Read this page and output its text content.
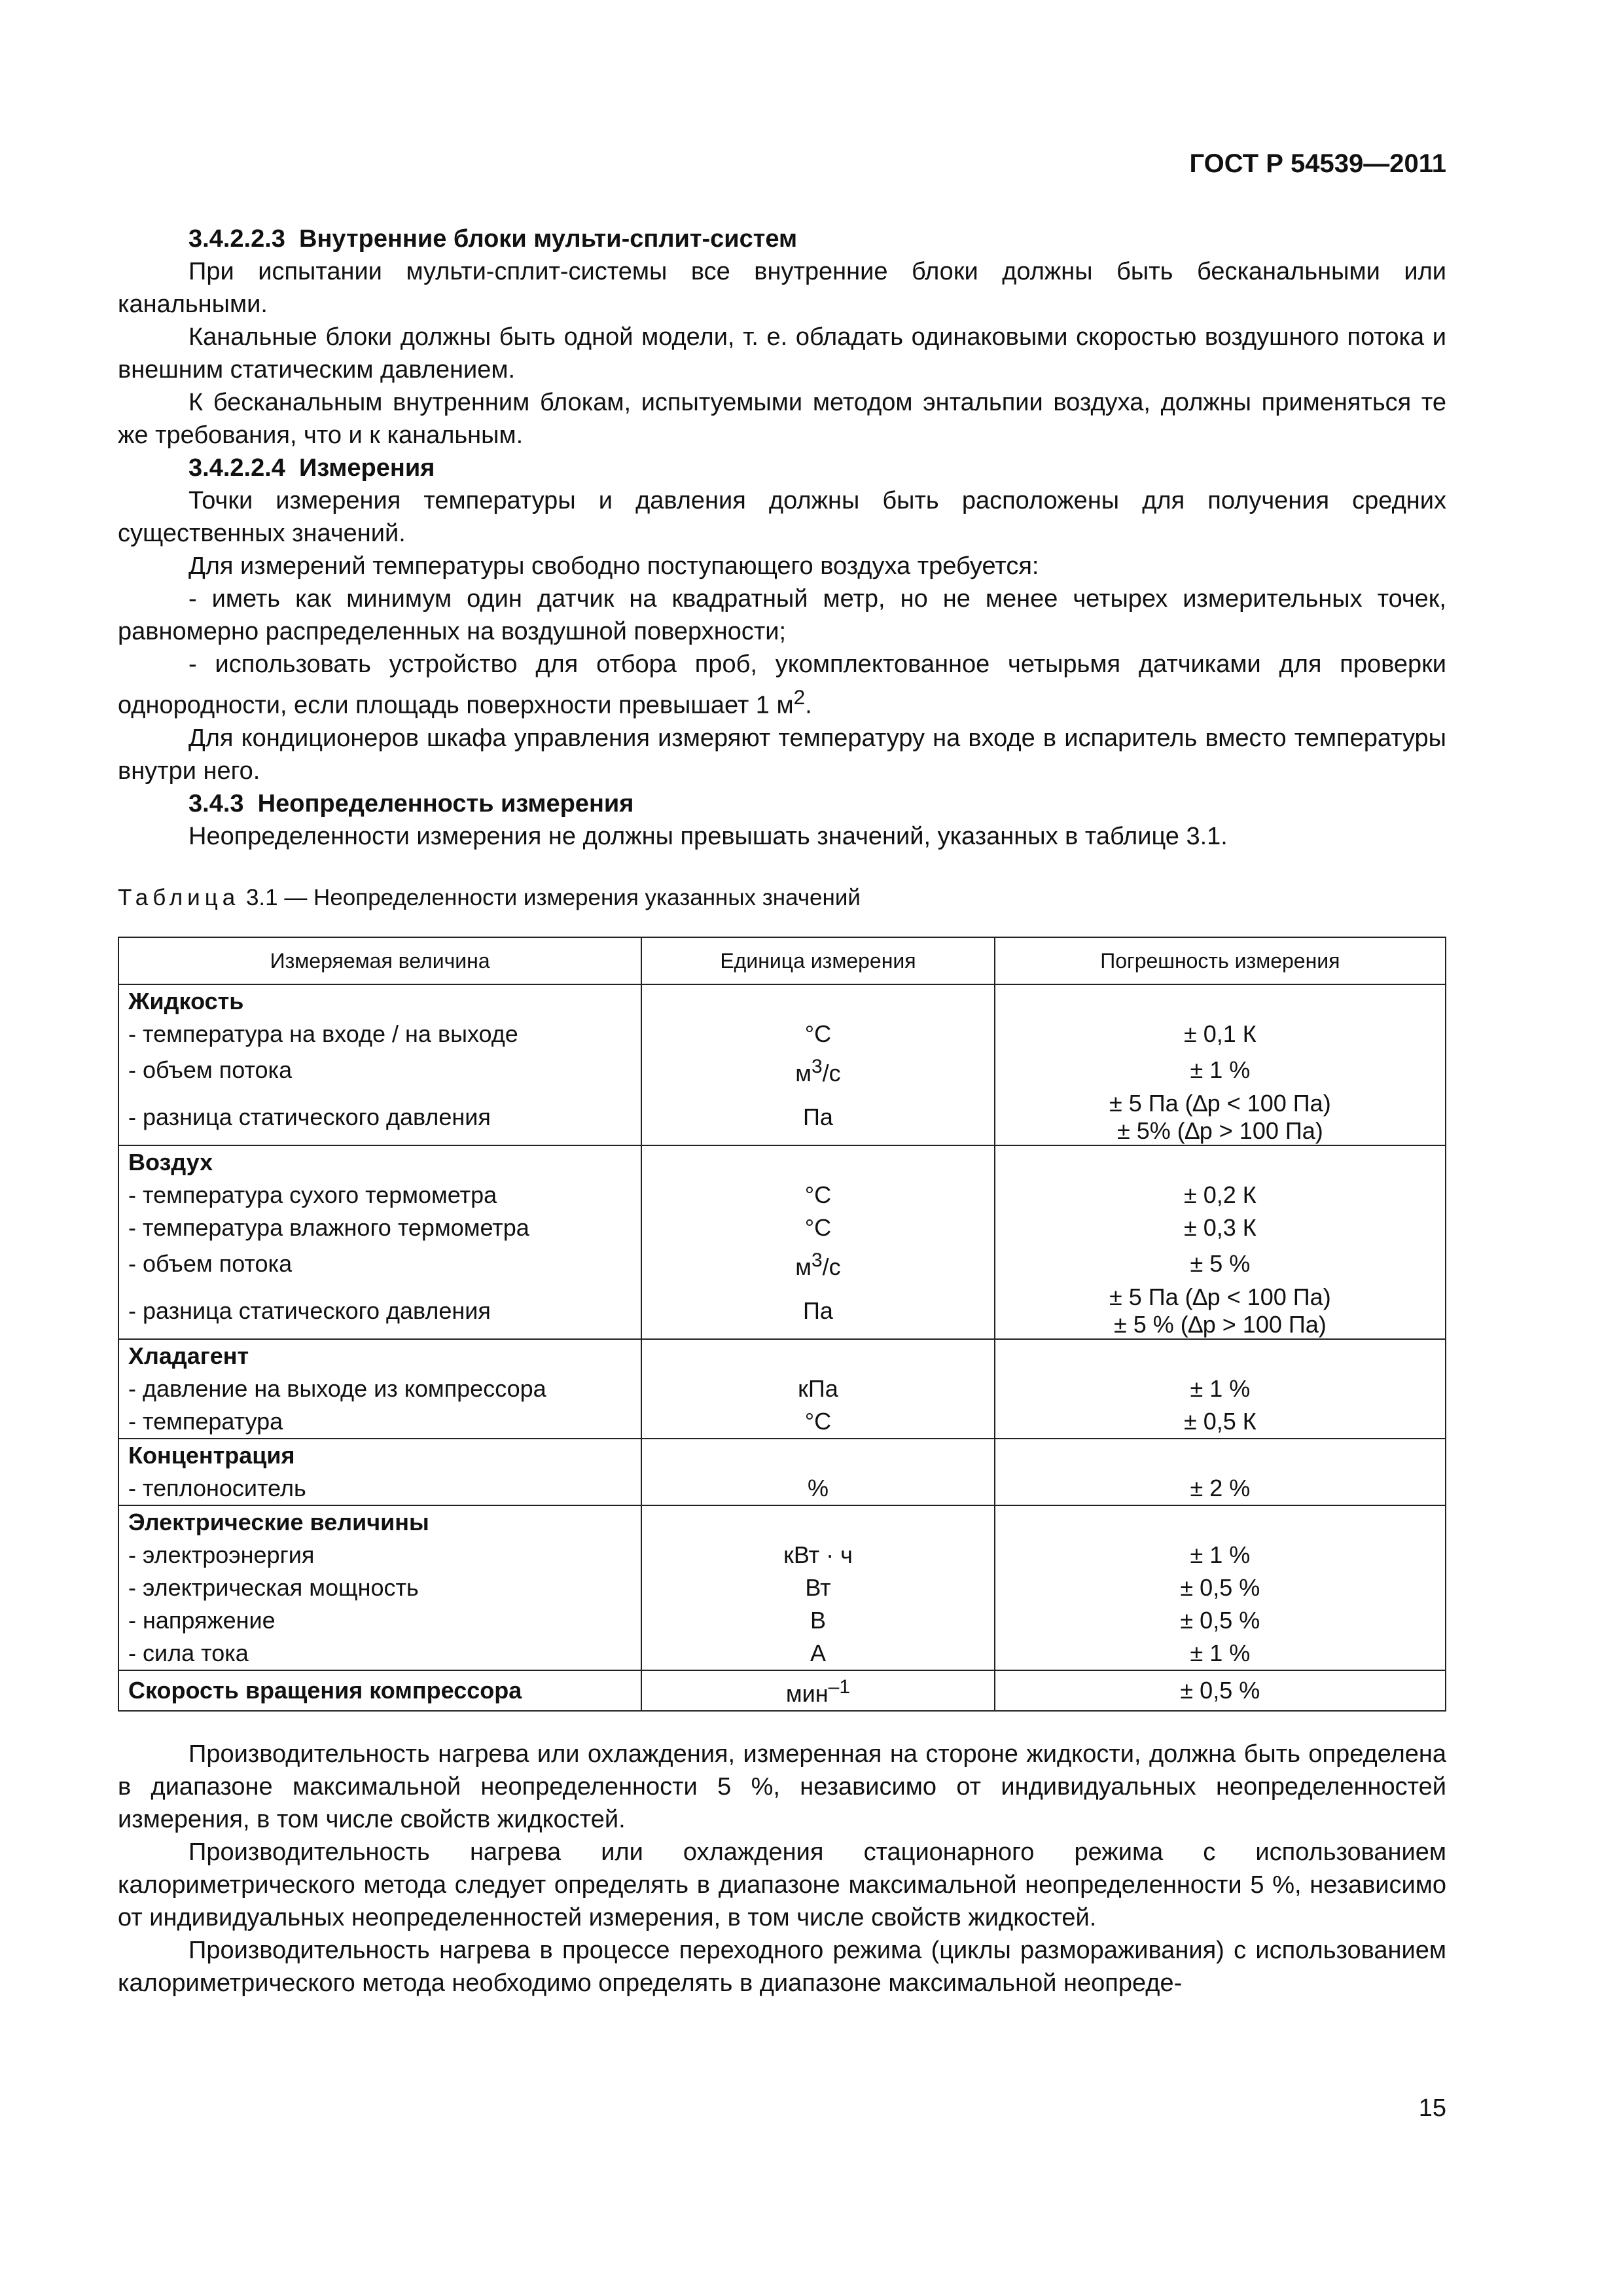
ГОСТ Р 54539—2011

3.4.2.2.3 Внутренние блоки мульти-сплит-систем

При испытании мульти-сплит-системы все внутренние блоки должны быть бесканальными или канальными.

Канальные блоки должны быть одной модели, т. е. обладать одинаковыми скоростью воздушного потока и внешним статическим давлением.

К бесканальным внутренним блокам, испытуемыми методом энтальпии воздуха, должны применяться те же требования, что и к канальным.

3.4.2.2.4 Измерения

Точки измерения температуры и давления должны быть расположены для получения средних существенных значений.

Для измерений температуры свободно поступающего воздуха требуется:

- иметь как минимум один датчик на квадратный метр, но не менее четырех измерительных точек, равномерно распределенных на воздушной поверхности;

- использовать устройство для отбора проб, укомплектованное четырьмя датчиками для проверки однородности, если площадь поверхности превышает 1 $м^2$.

Для кондиционеров шкафа управления измеряют температуру на входе в испаритель вместо температуры внутри него.

3.4.3 Неопределенность измерения

Неопределенности измерения не должны превышать значений, указанных в таблице 3.1.

Таблица 3.1 — Неопределенности измерения указанных значений
Измеряемая величина	Единица измерения	Погрешность измерения
Жидкость		
- температура на входе / на выходе	°С	± 0,1 К
- объем потока	$м^3/с$	± 1 %
- разница статического давления	Па	± 5 Па (∆р < 100 Па)
± 5% (∆р > 100 Па)

Воздух		
- температура сухого термометра	°С	± 0,2 К
- температура влажного термометра	°С	± 0,3 К
- объем потока	$м^3/с$	± 5 %
- разница статического давления	Па	± 5 Па (∆р < 100 Па)
± 5 % (∆р > 100 Па)

Хладагент		
- давление на выходе из компрессора	кПа	± 1 %
- температура	°С	± 0,5 К
Концентрация		
- теплоноситель	%	± 2 %
Электрические величины		
- электроэнергия	кВт · ч	± 1 %
- электрическая мощность	Вт	± 0,5 %
- напряжение	В	± 0,5 %
- сила тока	А	± 1 %
Скорость вращения компрессора	мин$^{-1}$	± 0,5 %

Производительность нагрева или охлаждения, измеренная на стороне жидкости, должна быть определена в диапазоне максимальной неопределенности 5 %, независимо от индивидуальных неопределенностей измерения, в том числе свойств жидкостей.

Производительность нагрева или охлаждения стационарного режима с использованием калориметрического метода следует определять в диапазоне максимальной неопределенности 5 %, независимо от индивидуальных неопределенностей измерения, в том числе свойств жидкостей.

Производительность нагрева в процессе переходного режима (циклы размораживания) с использованием калориметрического метода необходимо определять в диапазоне максимальной неопреде-

15
